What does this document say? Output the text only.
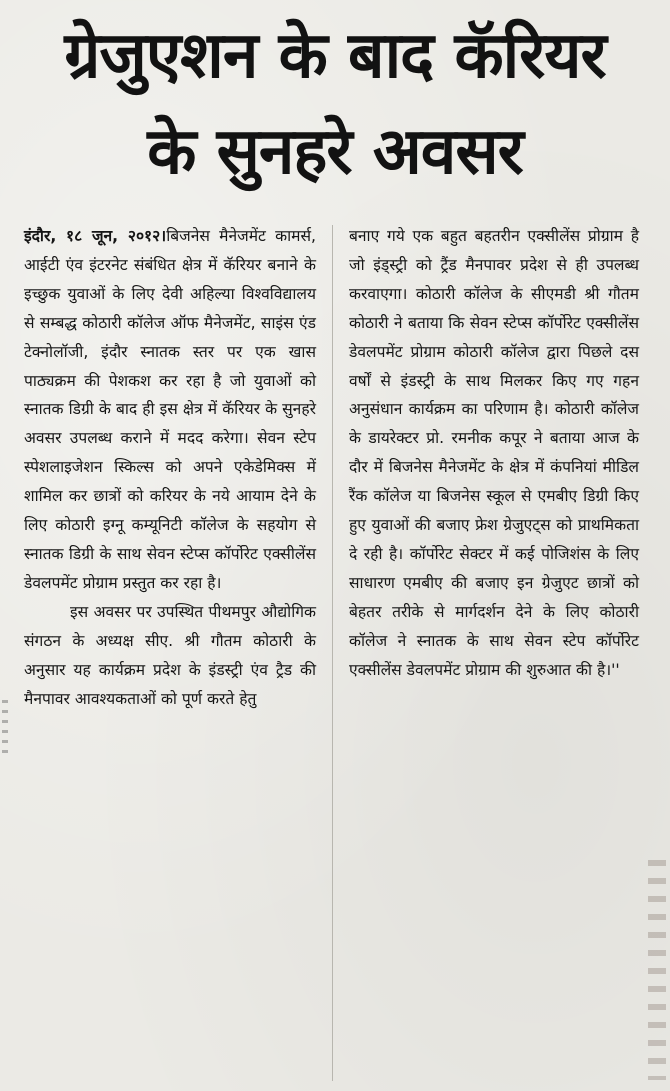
ग्रेजुएशन के बाद कॅरियर
के सुनहरे अवसर

इंदौर, १८ जून, २०१२।बिजनेस मैनेजमेंट कामर्स, आईटी एंव इंटरनेट संबंधित क्षेत्र में कॅरियर बनाने के इच्छुक युवाओं के लिए देवी अहिल्या विश्वविद्यालय से सम्बद्ध कोठारी कॉलेज ऑफ मैनेजमेंट, साइंस एंड टेक्नोलॉजी, इंदौर स्नातक स्तर पर एक खास पाठ्यक्रम की पेशकश कर रहा है जो युवाओं को स्नातक डिग्री के बाद ही इस क्षेत्र में कॅरियर के सुनहरे अवसर उपलब्ध कराने में मदद करेगा। सेवन स्टेप स्पेशलाइजेशन स्किल्स को अपने एकेडेमिक्स में शामिल कर छात्रों को करियर के नये आयाम देने के लिए कोठारी इग्नू कम्यूनिटी कॉलेज के सहयोग से स्नातक डिग्री के साथ सेवन स्टेप्स कॉर्पोरेट एक्सीलेंस डेवलपमेंट प्रोग्राम प्रस्तुत कर रहा है।

इस अवसर पर उपस्थित पीथमपुर औद्योगिक संगठन के अध्यक्ष सीए. श्री गौतम कोठारी के अनुसार यह कार्यक्रम प्रदेश के इंडस्ट्री एंव ट्रैड की मैनपावर आवश्यकताओं को पूर्ण करते हेतु

बनाए गये एक बहुत बहतरीन एक्सीलेंस प्रोग्राम है जो इंड्स्ट्री को ट्रैंड मैनपावर प्रदेश से ही उपलब्ध करवाएगा। कोठारी कॉलेज के सीएमडी श्री गौतम कोठारी ने बताया कि सेवन स्टेप्स कॉर्पोरेट एक्सीलेंस डेवलपमेंट प्रोग्राम कोठारी कॉलेज द्वारा पिछले दस वर्षों से इंडस्ट्री के साथ मिलकर किए गए गहन अनुसंधान कार्यक्रम का परिणाम है। कोठारी कॉलेज के डायरेक्टर प्रो. रमनीक कपूर ने बताया आज के दौर में बिजनेस मैनेजमेंट के क्षेत्र में कंपनियां मीडिल रैंक कॉलेज या बिजनेस स्कूल से एमबीए डिग्री किए हुए युवाओं की बजाए फ्रेश ग्रेजुएट्स को प्राथमिकता दे रही है। कॉर्पोरेट सेक्टर में कई पोजिशंस के लिए साधारण एमबीए की बजाए इन ग्रेजुएट छात्रों को बेहतर तरीके से मार्गदर्शन देने के लिए कोठारी कॉलेज ने स्नातक के साथ सेवन स्टेप कॉर्पोरेट एक्सीलेंस डेवलपमेंट प्रोग्राम की शुरुआत की है।''
